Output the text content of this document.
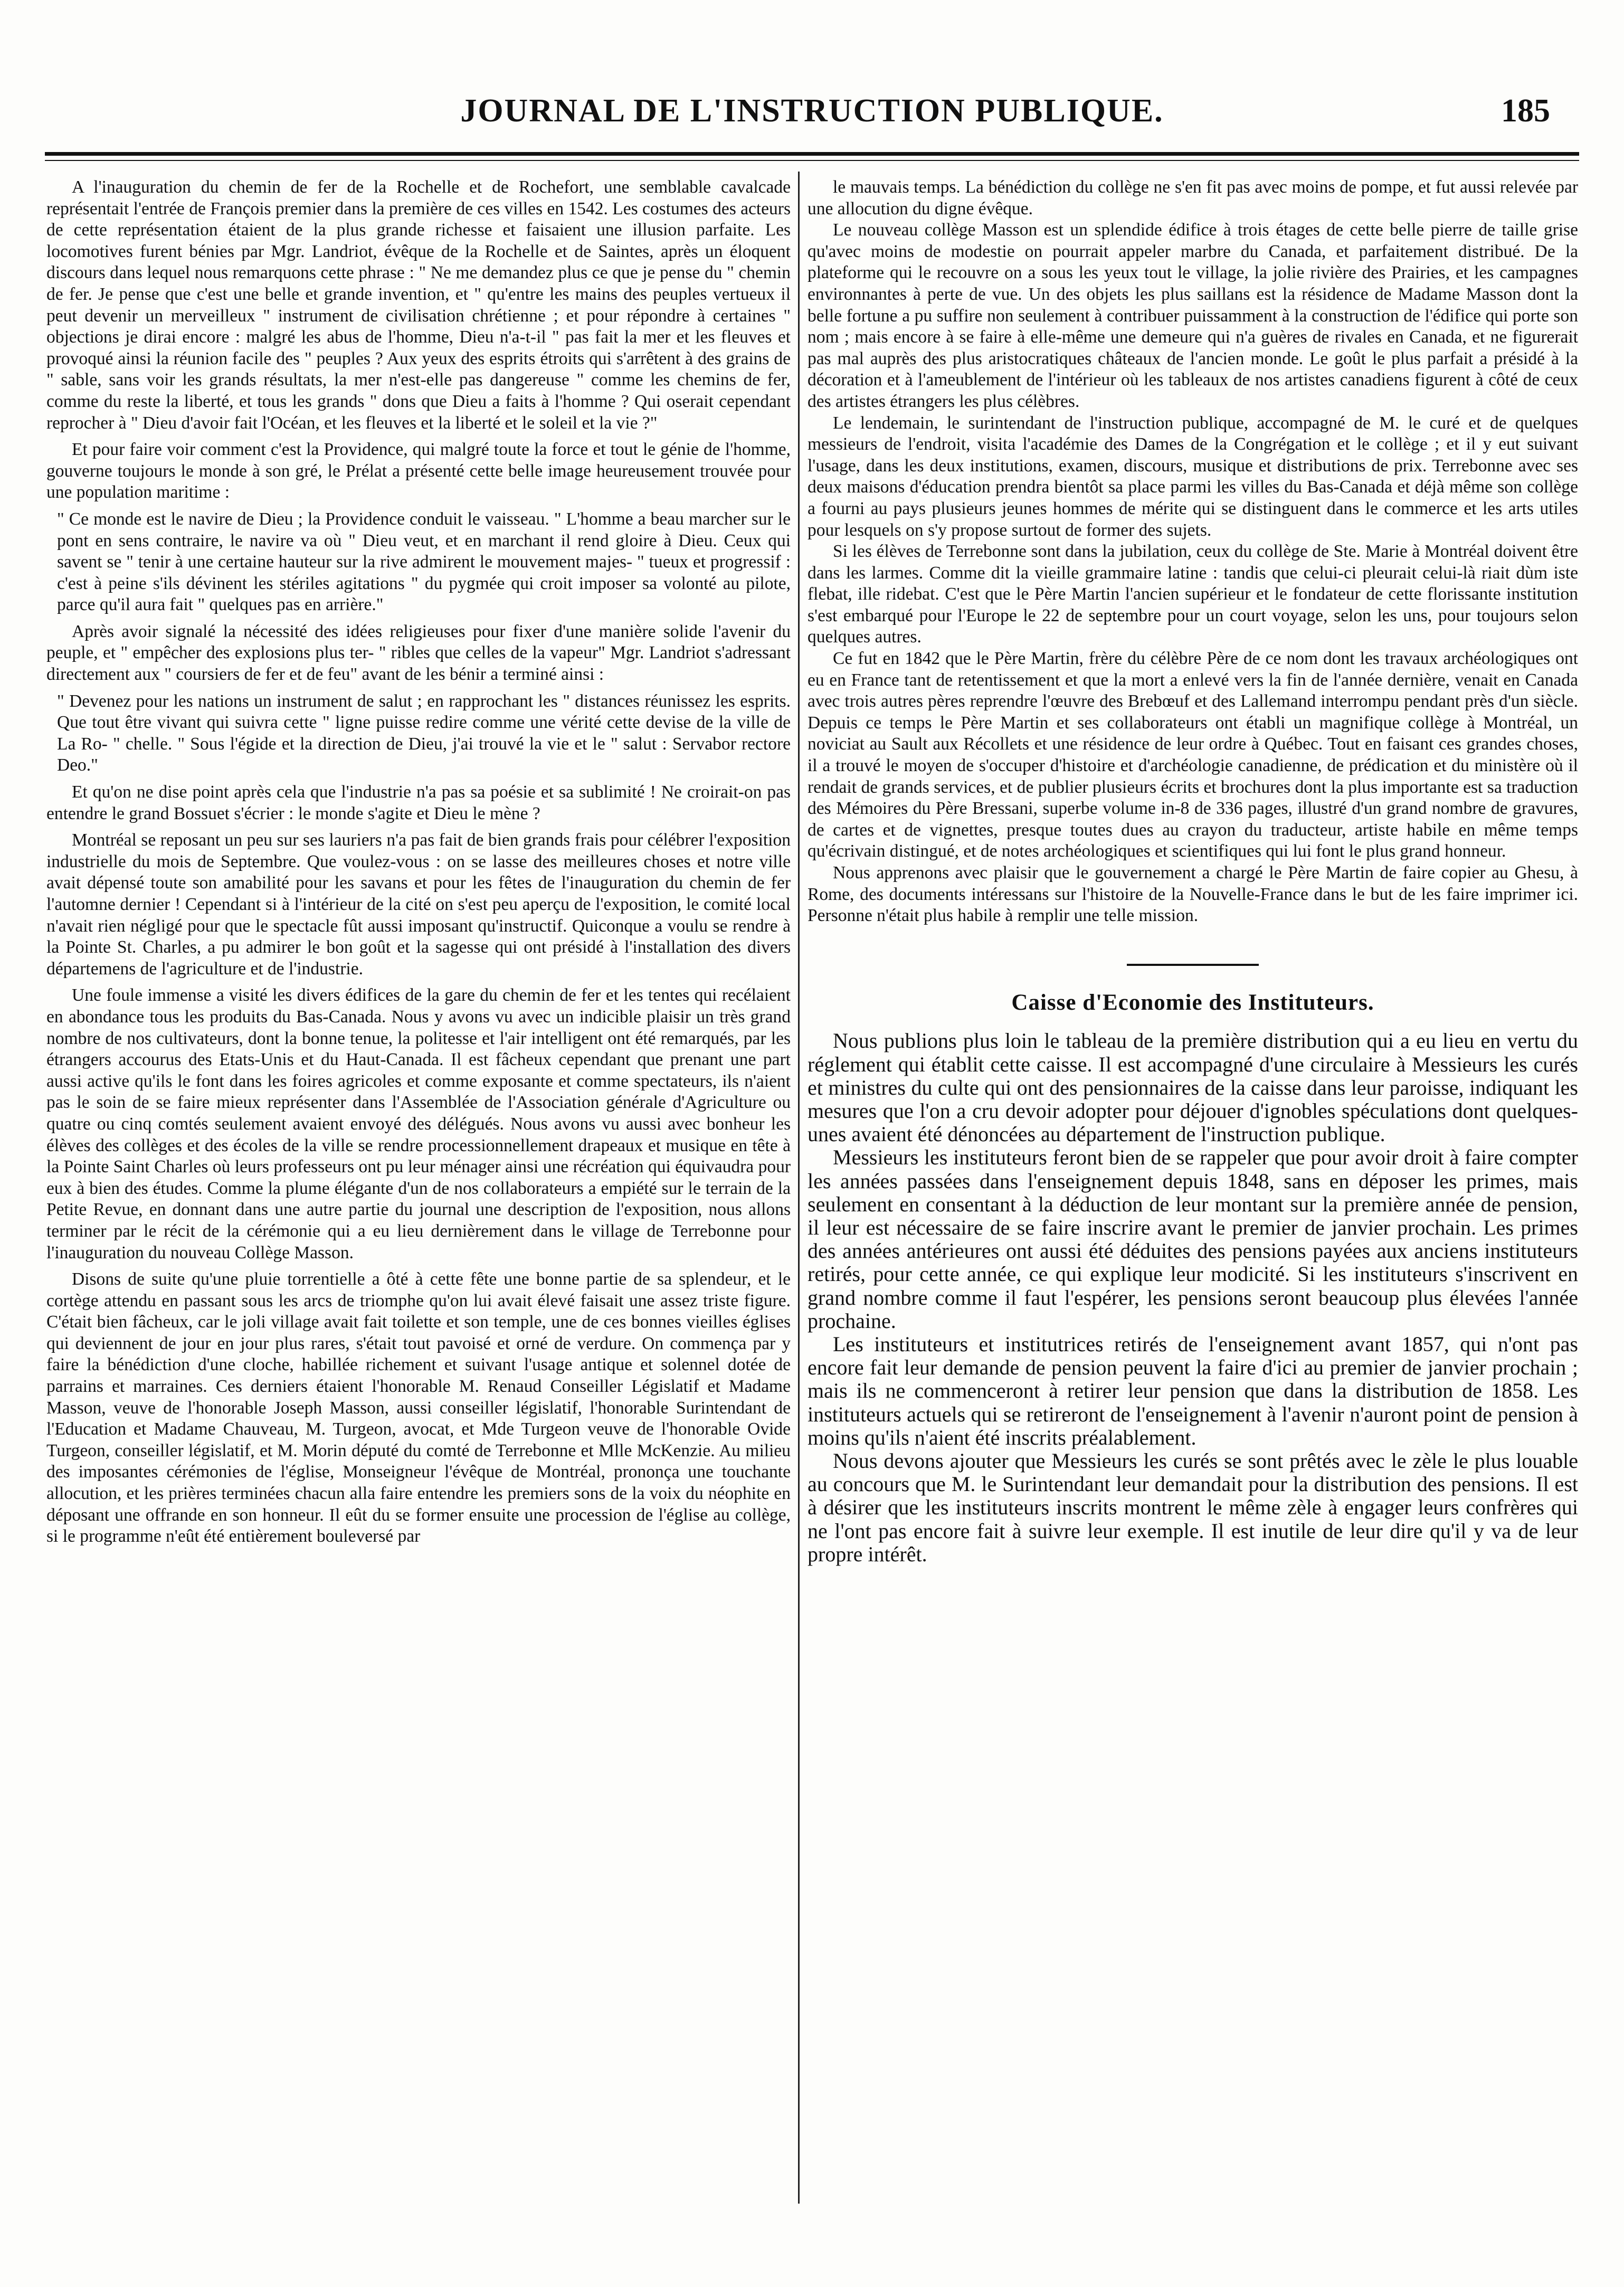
JOURNAL DE L'INSTRUCTION PUBLIQUE.	185

A l'inauguration du chemin de fer de la Rochelle et de Rochefort, une semblable cavalcade représentait l'entrée de François premier dans la première de ces villes en 1542. Les costumes des acteurs de cette représentation étaient de la plus grande richesse et faisaient une illusion parfaite. Les locomotives furent bénies par Mgr. Landriot, évêque de la Rochelle et de Saintes, après un éloquent discours dans lequel nous remarquons cette phrase : " Ne me demandez plus ce que je pense du " chemin de fer. Je pense que c'est une belle et grande invention, et " qu'entre les mains des peuples vertueux il peut devenir un merveilleux " instrument de civilisation chrétienne ; et pour répondre à certaines " objections je dirai encore : malgré les abus de l'homme, Dieu n'a-t-il " pas fait la mer et les fleuves et provoqué ainsi la réunion facile des " peuples ? Aux yeux des esprits étroits qui s'arrêtent à des grains de " sable, sans voir les grands résultats, la mer n'est-elle pas dangereuse " comme les chemins de fer, comme du reste la liberté, et tous les grands " dons que Dieu a faits à l'homme ? Qui oserait cependant reprocher à " Dieu d'avoir fait l'Océan, et les fleuves et la liberté et le soleil et la vie ?"

Et pour faire voir comment c'est la Providence, qui malgré toute la force et tout le génie de l'homme, gouverne toujours le monde à son gré, le Prélat a présenté cette belle image heureusement trouvée pour une population maritime :

" Ce monde est le navire de Dieu ; la Providence conduit le vaisseau. " L'homme a beau marcher sur le pont en sens contraire, le navire va où " Dieu veut, et en marchant il rend gloire à Dieu. Ceux qui savent se " tenir à une certaine hauteur sur la rive admirent le mouvement majes- " tueux et progressif : c'est à peine s'ils dévinent les stériles agitations " du pygmée qui croit imposer sa volonté au pilote, parce qu'il aura fait " quelques pas en arrière."

Après avoir signalé la nécessité des idées religieuses pour fixer d'une manière solide l'avenir du peuple, et " empêcher des explosions plus ter- " ribles que celles de la vapeur" Mgr. Landriot s'adressant directement aux " coursiers de fer et de feu" avant de les bénir a terminé ainsi :

" Devenez pour les nations un instrument de salut ; en rapprochant les " distances réunissez les esprits. Que tout être vivant qui suivra cette " ligne puisse redire comme une vérité cette devise de la ville de La Ro- " chelle. " Sous l'égide et la direction de Dieu, j'ai trouvé la vie et le " salut : Servabor rectore Deo."

Et qu'on ne dise point après cela que l'industrie n'a pas sa poésie et sa sublimité ! Ne croirait-on pas entendre le grand Bossuet s'écrier : le monde s'agite et Dieu le mène ?

Montréal se reposant un peu sur ses lauriers n'a pas fait de bien grands frais pour célébrer l'exposition industrielle du mois de Septembre. Que voulez-vous : on se lasse des meilleures choses et notre ville avait dépensé toute son amabilité pour les savans et pour les fêtes de l'inauguration du chemin de fer l'automne dernier ! Cependant si à l'intérieur de la cité on s'est peu aperçu de l'exposition, le comité local n'avait rien négligé pour que le spectacle fût aussi imposant qu'instructif. Quiconque a voulu se rendre à la Pointe St. Charles, a pu admirer le bon goût et la sagesse qui ont présidé à l'installation des divers départemens de l'agriculture et de l'industrie.

Une foule immense a visité les divers édifices de la gare du chemin de fer et les tentes qui recélaient en abondance tous les produits du Bas-Canada. Nous y avons vu avec un indicible plaisir un très grand nombre de nos cultivateurs, dont la bonne tenue, la politesse et l'air intelligent ont été remarqués, par les étrangers accourus des Etats-Unis et du Haut-Canada. Il est fâcheux cependant que prenant une part aussi active qu'ils le font dans les foires agricoles et comme exposante et comme spectateurs, ils n'aient pas le soin de se faire mieux représenter dans l'Assemblée de l'Association générale d'Agriculture ou quatre ou cinq comtés seulement avaient envoyé des délégués. Nous avons vu aussi avec bonheur les élèves des collèges et des écoles de la ville se rendre processionnellement drapeaux et musique en tête à la Pointe Saint Charles où leurs professeurs ont pu leur ménager ainsi une récréation qui équivaudra pour eux à bien des études. Comme la plume élégante d'un de nos collaborateurs a empiété sur le terrain de la Petite Revue, en donnant dans une autre partie du journal une description de l'exposition, nous allons terminer par le récit de la cérémonie qui a eu lieu dernièrement dans le village de Terrebonne pour l'inauguration du nouveau Collège Masson.

Disons de suite qu'une pluie torrentielle a ôté à cette fête une bonne partie de sa splendeur, et le cortège attendu en passant sous les arcs de triomphe qu'on lui avait élevé faisait une assez triste figure. C'était bien fâcheux, car le joli village avait fait toilette et son temple, une de ces bonnes vieilles églises qui deviennent de jour en jour plus rares, s'était tout pavoisé et orné de verdure. On commença par y faire la bénédiction d'une cloche, habillée richement et suivant l'usage antique et solennel dotée de parrains et marraines. Ces derniers étaient l'honorable M. Renaud Conseiller Législatif et Madame Masson, veuve de l'honorable Joseph Masson, aussi conseiller législatif, l'honorable Surintendant de l'Education et Madame Chauveau, M. Turgeon, avocat, et Mde Turgeon veuve de l'honorable Ovide Turgeon, conseiller législatif, et M. Morin député du comté de Terrebonne et Mlle McKenzie. Au milieu des imposantes cérémonies de l'église, Monseigneur l'évêque de Montréal, prononça une touchante allocution, et les prières terminées chacun alla faire entendre les premiers sons de la voix du néophite en déposant une offrande en son honneur. Il eût du se former ensuite une procession de l'église au collège, si le programme n'eût été entièrement bouleversé par

le mauvais temps. La bénédiction du collège ne s'en fit pas avec moins de pompe, et fut aussi relevée par une allocution du digne évêque.

Le nouveau collège Masson est un splendide édifice à trois étages de cette belle pierre de taille grise qu'avec moins de modestie on pourrait appeler marbre du Canada, et parfaitement distribué. De la plateforme qui le recouvre on a sous les yeux tout le village, la jolie rivière des Prairies, et les campagnes environnantes à perte de vue. Un des objets les plus saillans est la résidence de Madame Masson dont la belle fortune a pu suffire non seulement à contribuer puissamment à la construction de l'édifice qui porte son nom ; mais encore à se faire à elle-même une demeure qui n'a guères de rivales en Canada, et ne figurerait pas mal auprès des plus aristocratiques châteaux de l'ancien monde. Le goût le plus parfait a présidé à la décoration et à l'ameublement de l'intérieur où les tableaux de nos artistes canadiens figurent à côté de ceux des artistes étrangers les plus célèbres.

Le lendemain, le surintendant de l'instruction publique, accompagné de M. le curé et de quelques messieurs de l'endroit, visita l'académie des Dames de la Congrégation et le collège ; et il y eut suivant l'usage, dans les deux institutions, examen, discours, musique et distributions de prix. Terrebonne avec ses deux maisons d'éducation prendra bientôt sa place parmi les villes du Bas-Canada et déjà même son collège a fourni au pays plusieurs jeunes hommes de mérite qui se distinguent dans le commerce et les arts utiles pour lesquels on s'y propose surtout de former des sujets.

Si les élèves de Terrebonne sont dans la jubilation, ceux du collège de Ste. Marie à Montréal doivent être dans les larmes. Comme dit la vieille grammaire latine : tandis que celui-ci pleurait celui-là riait dùm iste flebat, ille ridebat. C'est que le Père Martin l'ancien supérieur et le fondateur de cette florissante institution s'est embarqué pour l'Europe le 22 de septembre pour un court voyage, selon les uns, pour toujours selon quelques autres.

Ce fut en 1842 que le Père Martin, frère du célèbre Père de ce nom dont les travaux archéologiques ont eu en France tant de retentissement et que la mort a enlevé vers la fin de l'année dernière, venait en Canada avec trois autres pères reprendre l'œuvre des Brebœuf et des Lallemand interrompu pendant près d'un siècle. Depuis ce temps le Père Martin et ses collaborateurs ont établi un magnifique collège à Montréal, un noviciat au Sault aux Récollets et une résidence de leur ordre à Québec. Tout en faisant ces grandes choses, il a trouvé le moyen de s'occuper d'histoire et d'archéologie canadienne, de prédication et du ministère où il rendait de grands services, et de publier plusieurs écrits et brochures dont la plus importante est sa traduction des Mémoires du Père Bressani, superbe volume in-8 de 336 pages, illustré d'un grand nombre de gravures, de cartes et de vignettes, presque toutes dues au crayon du traducteur, artiste habile en même temps qu'écrivain distingué, et de notes archéologiques et scientifiques qui lui font le plus grand honneur.

Nous apprenons avec plaisir que le gouvernement a chargé le Père Martin de faire copier au Ghesu, à Rome, des documents intéressans sur l'histoire de la Nouvelle-France dans le but de les faire imprimer ici. Personne n'était plus habile à remplir une telle mission.

Caisse d'Economie des Instituteurs.

Nous publions plus loin le tableau de la première distribution qui a eu lieu en vertu du réglement qui établit cette caisse. Il est accompagné d'une circulaire à Messieurs les curés et ministres du culte qui ont des pensionnaires de la caisse dans leur paroisse, indiquant les mesures que l'on a cru devoir adopter pour déjouer d'ignobles spéculations dont quelques-unes avaient été dénoncées au département de l'instruction publique.

Messieurs les instituteurs feront bien de se rappeler que pour avoir droit à faire compter les années passées dans l'enseignement depuis 1848, sans en déposer les primes, mais seulement en consentant à la déduction de leur montant sur la première année de pension, il leur est nécessaire de se faire inscrire avant le premier de janvier prochain. Les primes des années antérieures ont aussi été déduites des pensions payées aux anciens instituteurs retirés, pour cette année, ce qui explique leur modicité. Si les instituteurs s'inscrivent en grand nombre comme il faut l'espérer, les pensions seront beaucoup plus élevées l'année prochaine.

Les instituteurs et institutrices retirés de l'enseignement avant 1857, qui n'ont pas encore fait leur demande de pension peuvent la faire d'ici au premier de janvier prochain ; mais ils ne commenceront à retirer leur pension que dans la distribution de 1858. Les instituteurs actuels qui se retireront de l'enseignement à l'avenir n'auront point de pension à moins qu'ils n'aient été inscrits préalablement.

Nous devons ajouter que Messieurs les curés se sont prêtés avec le zèle le plus louable au concours que M. le Surintendant leur demandait pour la distribution des pensions. Il est à désirer que les instituteurs inscrits montrent le même zèle à engager leurs confrères qui ne l'ont pas encore fait à suivre leur exemple. Il est inutile de leur dire qu'il y va de leur propre intérêt.
